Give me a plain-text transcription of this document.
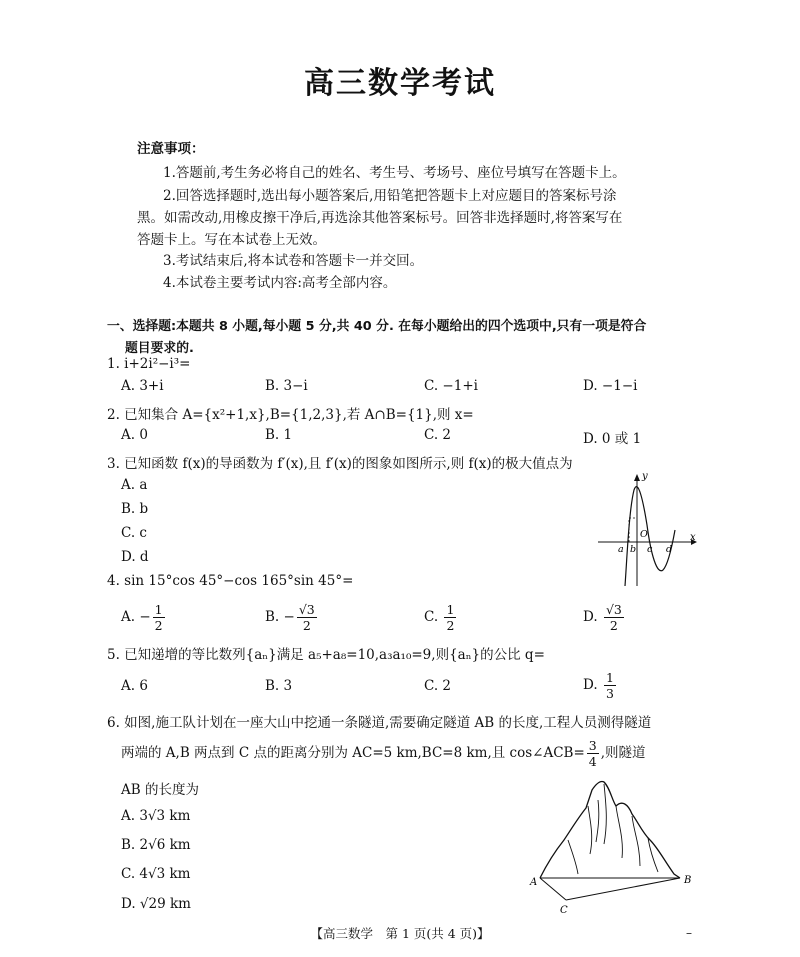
高三数学考试
注意事项：
1.答题前,考生务必将自己的姓名、考生号、考场号、座位号填写在答题卡上。
2.回答选择题时,选出每小题答案后,用铅笔把答题卡上对应题目的答案标号涂
黑。如需改动,用橡皮擦干净后,再选涂其他答案标号。回答非选择题时,将答案写在
答题卡上。写在本试卷上无效。
3.考试结束后,将本试卷和答题卡一并交回。
4.本试卷主要考试内容:高考全部内容。
一、选择题:本题共 8 小题,每小题 5 分,共 40 分. 在每小题给出的四个选项中,只有一项是符合
题目要求的.
1. i+2i²−i³=
A. 3+i	B. 3−i	C. −1+i	D. −1−i
2. 已知集合 A={x²+1,x},B={1,2,3},若 A∩B={1},则 x=
A. 0	B. 1	C. 2	D. 0 或 1
3. 已知函数 f(x)的导函数为 f′(x),且 f′(x)的图象如图所示,则 f(x)的极大值点为
A. a
B. b
C. c
D. d
y
x
O
a b c d
4. sin 15°cos 45°−cos 165°sin 45°=
A. − $\frac{1}{2}$	B. − $\frac{√3}{2}$	C. $\frac{1}{2}$	D. $\frac{√3}{2}$
5. 已知递增的等比数列{aₙ}满足 a₅+a₈=10,a₃a₁₀=9,则{aₙ}的公比 q=
A. 6	B. 3	C. 2	D. $\frac{1}{3}$
6. 如图,施工队计划在一座大山中挖通一条隧道,需要确定隧道 AB 的长度,工程人员测得隧道
两端的 A,B 两点到 C 点的距离分别为 AC=5 km,BC=8 km,且 cos∠ACB= $\frac{3}{4}$ ,则隧道
AB 的长度为
A. 3√3 km
B. 2√6 km
C. 4√3 km
D. √29 km
A	B
C
【高三数学　第 1 页(共 4 页)】	–
